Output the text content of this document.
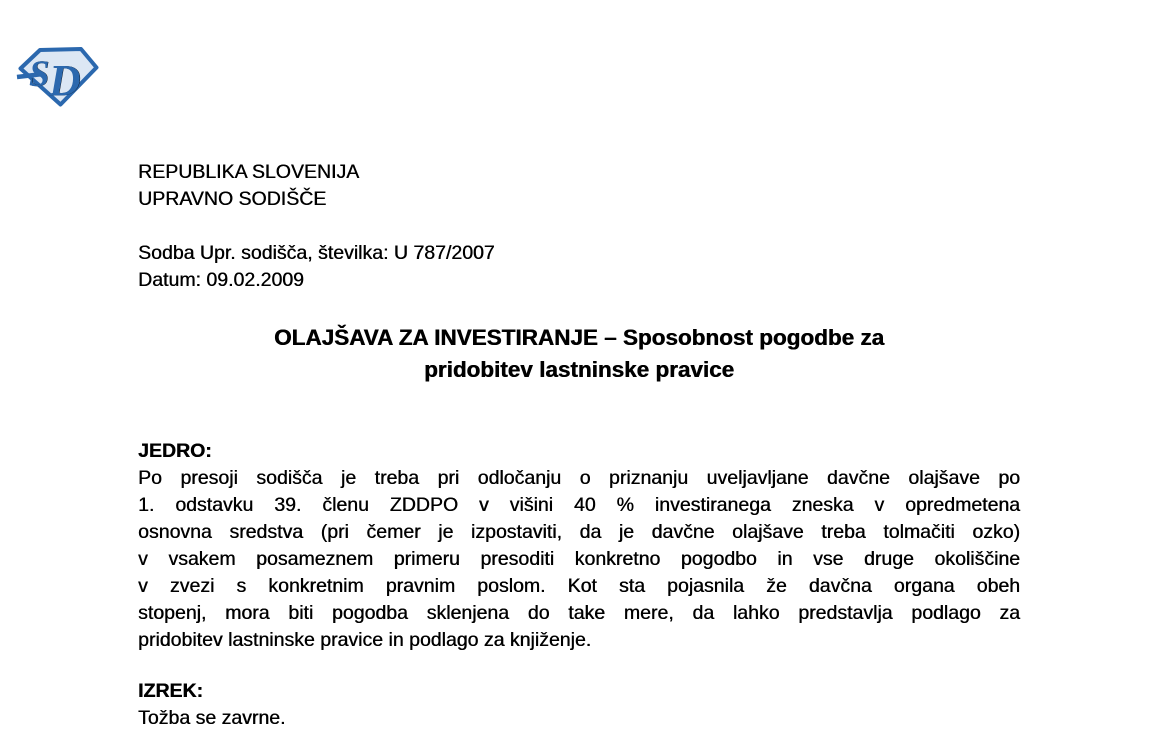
S D
REPUBLIKA SLOVENIJA
UPRAVNO SODIŠČE
Sodba Upr. sodišča, številka: U 787/2007
Datum: 09.02.2009
OLAJŠAVA ZA INVESTIRANJE – Sposobnost pogodbe za
pridobitev lastninske pravice
JEDRO:
Po presoji sodišča je treba pri odločanju o priznanju uveljavljane davčne olajšave po
1. odstavku 39. členu ZDDPO v višini 40 % investiranega zneska v opredmetena
osnovna sredstva (pri čemer je izpostaviti, da je davčne olajšave treba tolmačiti ozko)
v vsakem posameznem primeru presoditi konkretno pogodbo in vse druge okoliščine
v zvezi s konkretnim pravnim poslom. Kot sta pojasnila že davčna organa obeh
stopenj, mora biti pogodba sklenjena do take mere, da lahko predstavlja podlago za
pridobitev lastninske pravice in podlago za knjiženje.
IZREK:
Tožba se zavrne.
